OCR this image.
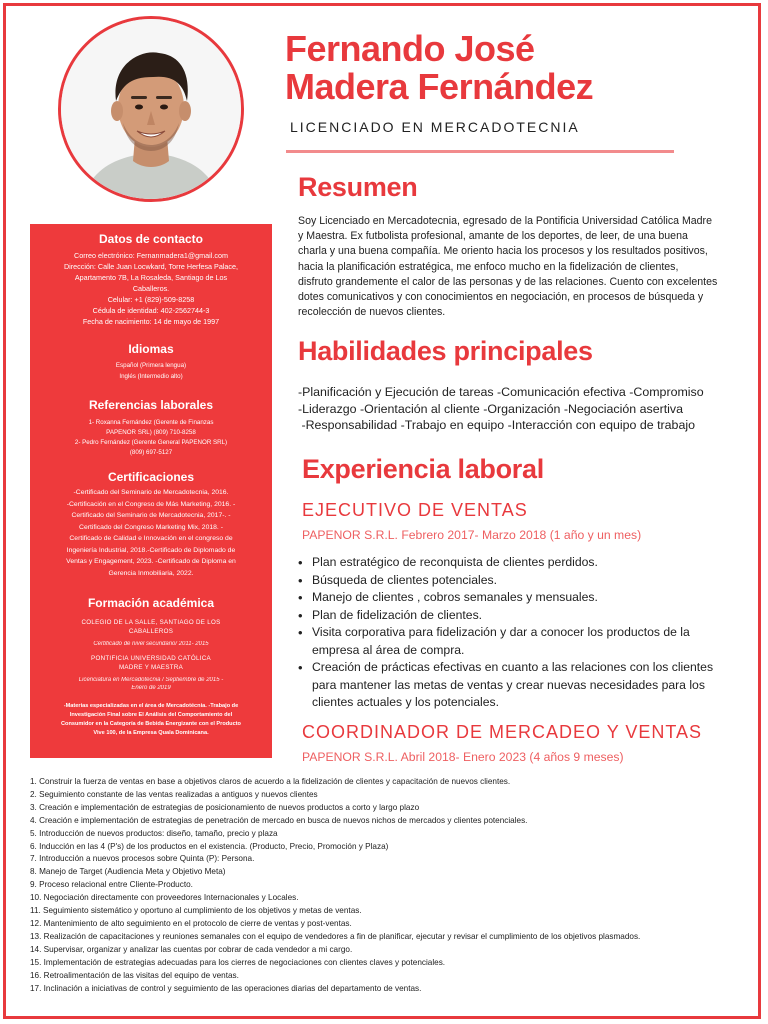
Fernando José
Madera Fernández
LICENCIADO EN MERCADOTECNIA

Datos de contacto

Correo electrónico: Fernanmadera1@gmail.com

Dirección: Calle Juan Locwkard, Torre Herfesa Palace,

Apartamento 7B, La Rosaleda, Santiago de Los

Caballeros.

Celular: +1 (829)-509-8258

Cédula de identidad: 402-2562744-3

Fecha de nacimiento: 14 de mayo de 1997

Idiomas

Español (Primera lengua)

Inglés (Intermedio alto)

Referencias laborales

1- Roxanna Fernández (Gerente de Finanzas

PAPENOR SRL) (809) 710-8258

2- Pedro Fernández (Gerente General PAPENOR SRL)

(809) 697-5127

Certificaciones

-Certificado del Seminario de Mercadotecnia, 2016.

-Certificación en el Congreso de Más Marketing, 2016. -

Certificado del Seminario de Mercadotecnia, 2017-. -

Certificado del Congreso Marketing Mix, 2018. -

Certificado de Calidad e Innovación en el congreso de

Ingeniería Industrial, 2018.-Certificado de Diplomado de

Ventas y Engagement, 2023. -Certificado de Diploma en

Gerencia Inmobiliaria, 2022.

Formación académica

COLEGIO DE LA SALLE, SANTIAGO DE LOS

CABALLEROS

Certificado de nivel secundario/ 2011- 2015

PONTIFICIA UNIVERSIDAD CATÓLICA

MADRE Y MAESTRA

Licenciatura en Mercadotecnia / Septiembre de 2015 -

Enero de 2019

-Materias especializadas en el área de Mercadotécnia. -Trabajo de

Investigación Final sobre El Análisis del Comportamiento del

Consumidor en la Categoría de Bebida Energizante con el Producto

Vive 100, de la Empresa Quala Dominicana.

Resumen
Soy Licenciado en Mercadotecnia, egresado de la Pontificia Universidad Católica Madre
y Maestra. Ex futbolista profesional, amante de los deportes, de leer, de una buena
charla y una buena compañía. Me oriento hacia los procesos y los resultados positivos,
hacia la planificación estratégica, me enfoco mucho en la fidelización de clientes,
disfruto grandemente el calor de las personas y de las relaciones. Cuento con excelentes
dotes comunicativos y con conocimientos en negociación, en procesos de búsqueda y
recolección de nuevos clientes.
Habilidades principales
-Planificación y Ejecución de tareas -Comunicación efectiva -Compromiso
-Liderazgo -Orientación al cliente -Organización -Negociación asertiva
-Responsabilidad -Trabajo en equipo -Interacción con equipo de trabajo
Experiencia laboral
EJECUTIVO DE VENTAS
PAPENOR S.R.L. Febrero 2017- Marzo 2018 (1 año y un mes)
• Plan estratégico de reconquista de clientes perdidos.
• Búsqueda de clientes potenciales.
• Manejo de clientes , cobros semanales y mensuales.
• Plan de fidelización de clientes.
• Visita corporativa para fidelización y dar a conocer los productos de la
empresa al área de compra.
• Creación de prácticas efectivas en cuanto a las relaciones con los clientes
para mantener las metas de ventas y crear nuevas necesidades para los
clientes actuales y los potenciales.
COORDINADOR DE MERCADEO Y VENTAS
PAPENOR S.R.L. Abril 2018- Enero 2023 (4 años 9 meses)
1. Construir la fuerza de ventas en base a objetivos claros de acuerdo a la fidelización de clientes y capacitación de nuevos clientes.
2. Seguimiento constante de las ventas realizadas a antiguos y nuevos clientes
3. Creación e implementación de estrategias de posicionamiento de nuevos productos a corto y largo plazo
4. Creación e implementación de estrategias de penetración de mercado en busca de nuevos nichos de mercados y clientes potenciales.
5. Introducción de nuevos productos: diseño, tamaño, precio y plaza
6. Inducción en las 4 (P's) de los productos en el existencia. (Producto, Precio, Promoción y Plaza)
7. Introducción a nuevos procesos sobre Quinta (P): Persona.
8. Manejo de Target (Audiencia Meta y Objetivo Meta)
9. Proceso relacional entre Cliente-Producto.
10. Negociación directamente con proveedores Internacionales y Locales.
11. Seguimiento sistemático y oportuno al cumplimiento de los objetivos y metas de ventas.
12. Mantenimiento de alto seguimiento en el protocolo de cierre de ventas y post-ventas.
13. Realización de capacitaciones y reuniones semanales con el equipo de vendedores a fin de planificar, ejecutar y revisar el cumplimiento de los objetivos plasmados.
14. Supervisar, organizar y analizar las cuentas por cobrar de cada vendedor a mi cargo.
15. Implementación de estrategias adecuadas para los cierres de negociaciones con clientes claves y potenciales.
16. Retroalimentación de las visitas del equipo de ventas.
17. Inclinación a iniciativas de control y seguimiento de las operaciones diarias del departamento de ventas.
